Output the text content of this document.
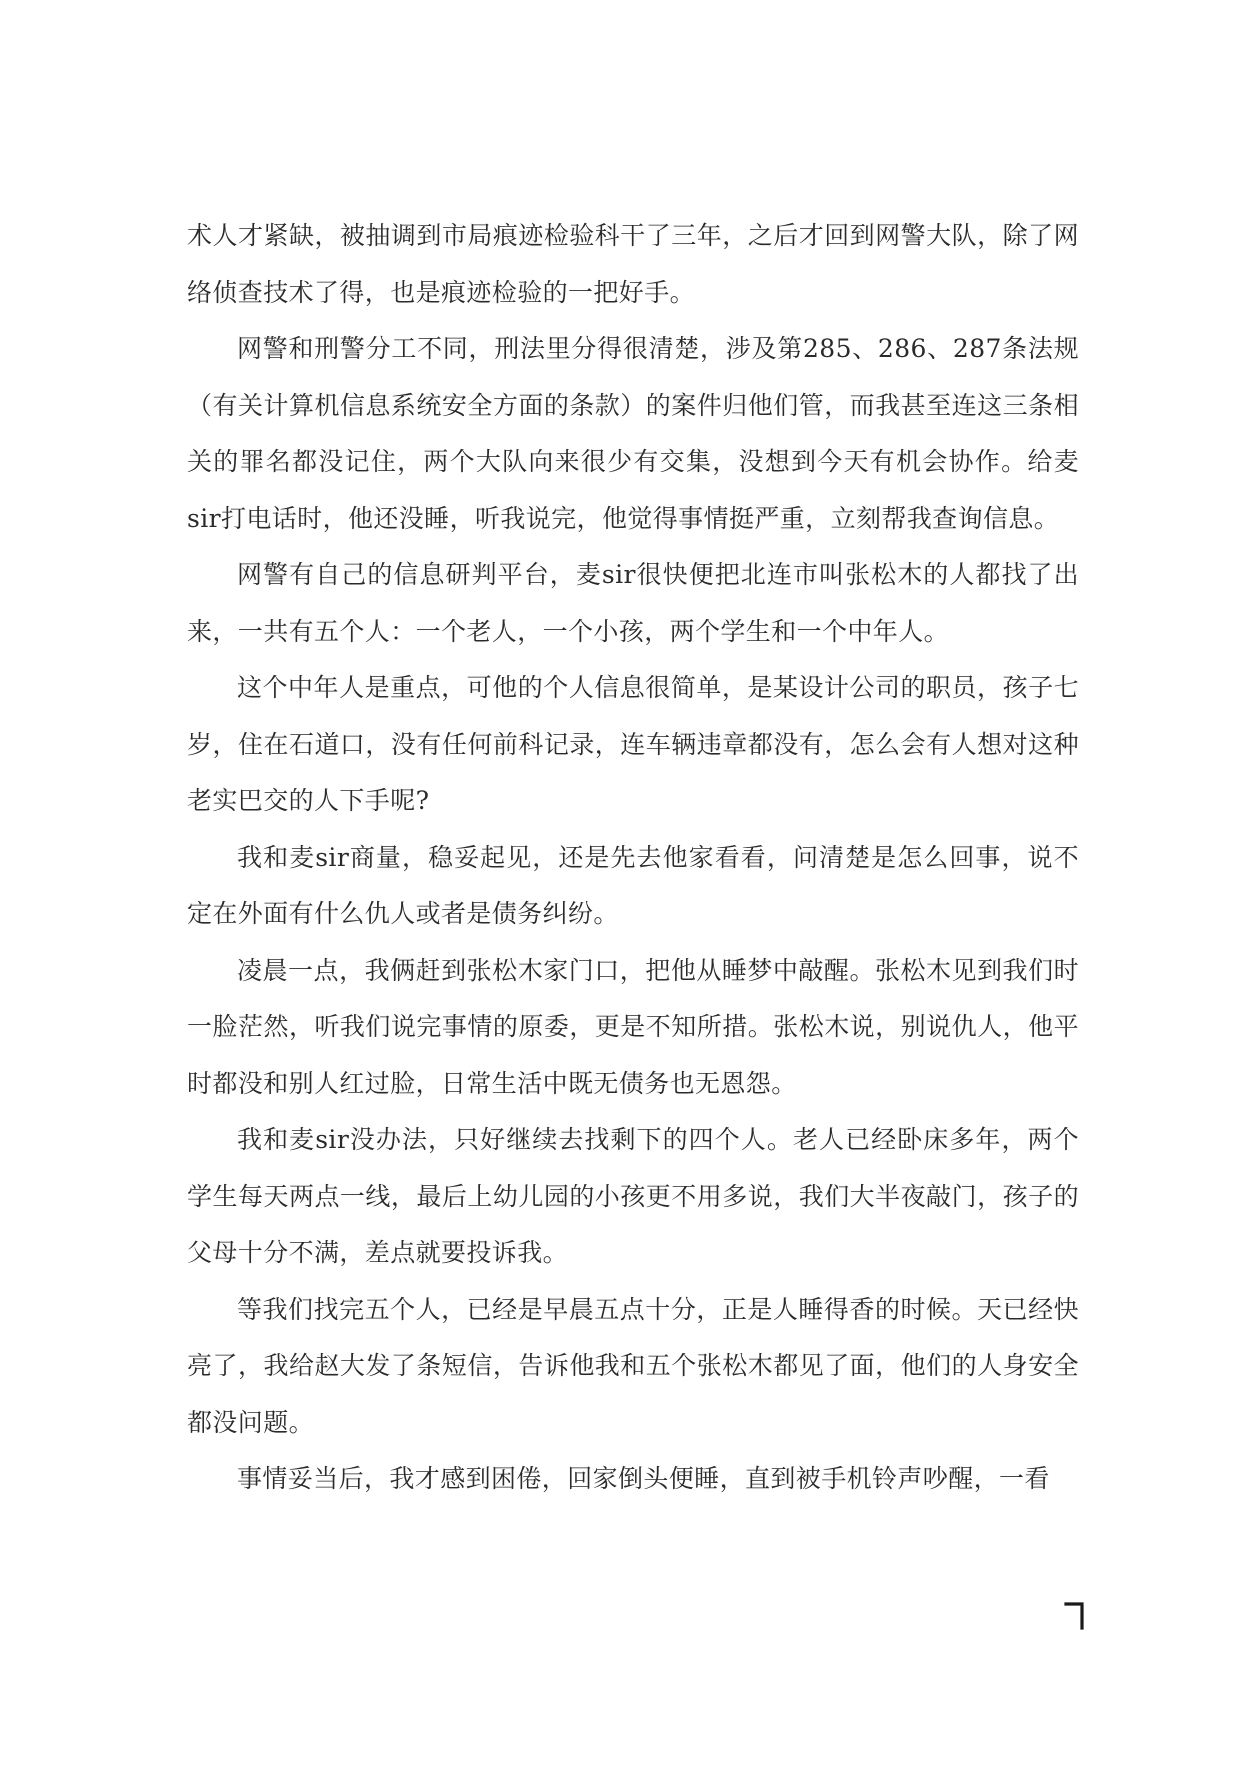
术人才紧缺，被抽调到市局痕迹检验科干了三年，之后才回到网警大队，除了网络侦查技术了得，也是痕迹检验的一把好手。

网警和刑警分工不同，刑法里分得很清楚，涉及第285、286、287条法规（有关计算机信息系统安全方面的条款）的案件归他们管，而我甚至连这三条相关的罪名都没记住，两个大队向来很少有交集，没想到今天有机会协作。给麦sir打电话时，他还没睡，听我说完，他觉得事情挺严重，立刻帮我查询信息。

网警有自己的信息研判平台，麦sir很快便把北连市叫张松木的人都找了出来，一共有五个人：一个老人，一个小孩，两个学生和一个中年人。

这个中年人是重点，可他的个人信息很简单，是某设计公司的职员，孩子七岁，住在石道口，没有任何前科记录，连车辆违章都没有，怎么会有人想对这种老实巴交的人下手呢?

我和麦sir商量，稳妥起见，还是先去他家看看，问清楚是怎么回事，说不定在外面有什么仇人或者是债务纠纷。

凌晨一点，我俩赶到张松木家门口，把他从睡梦中敲醒。张松木见到我们时一脸茫然，听我们说完事情的原委，更是不知所措。张松木说，别说仇人，他平时都没和别人红过脸，日常生活中既无债务也无恩怨。

我和麦sir没办法，只好继续去找剩下的四个人。老人已经卧床多年，两个学生每天两点一线，最后上幼儿园的小孩更不用多说，我们大半夜敲门，孩子的父母十分不满，差点就要投诉我。

等我们找完五个人，已经是早晨五点十分，正是人睡得香的时候。天已经快亮了，我给赵大发了条短信，告诉他我和五个张松木都见了面，他们的人身安全都没问题。

事情妥当后，我才感到困倦，回家倒头便睡，直到被手机铃声吵醒，一看
